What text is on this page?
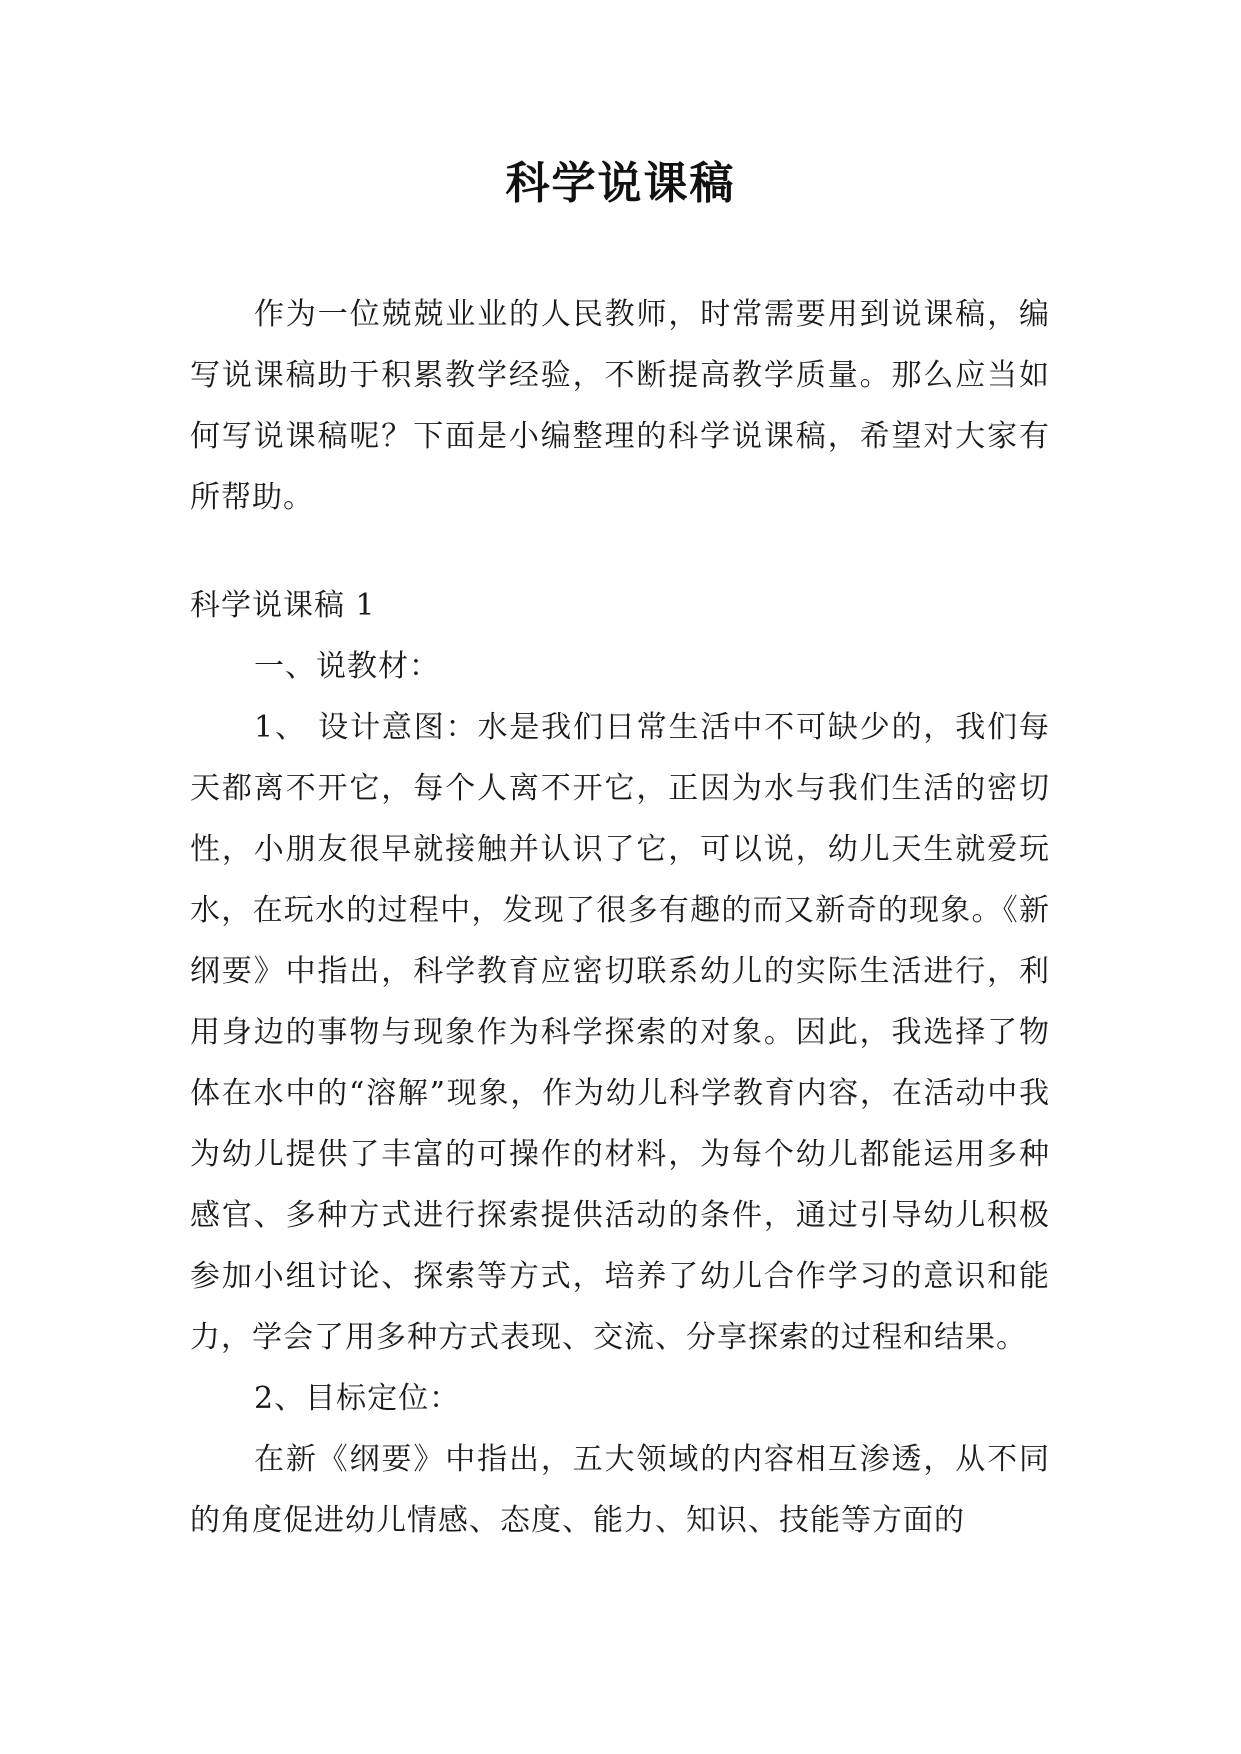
科学说课稿

作为一位兢兢业业的人民教师，时常需要用到说课稿，编写说课稿助于积累教学经验，不断提高教学质量。那么应当如何写说课稿呢？下面是小编整理的科学说课稿，希望对大家有所帮助。

科学说课稿 1

一、说教材：

1、 设计意图：水是我们日常生活中不可缺少的，我们每天都离不开它，每个人离不开它，正因为水与我们生活的密切性，小朋友很早就接触并认识了它，可以说，幼儿天生就爱玩水，在玩水的过程中，发现了很多有趣的而又新奇的现象。《新纲要》中指出，科学教育应密切联系幼儿的实际生活进行，利用身边的事物与现象作为科学探索的对象。因此，我选择了物体在水中的“溶解”现象，作为幼儿科学教育内容，在活动中我为幼儿提供了丰富的可操作的材料，为每个幼儿都能运用多种感官、多种方式进行探索提供活动的条件，通过引导幼儿积极参加小组讨论、探索等方式，培养了幼儿合作学习的意识和能力，学会了用多种方式表现、交流、分享探索的过程和结果。

2、目标定位：

在新《纲要》中指出，五大领域的内容相互渗透，从不同的角度促进幼儿情感、态度、能力、知识、技能等方面的
